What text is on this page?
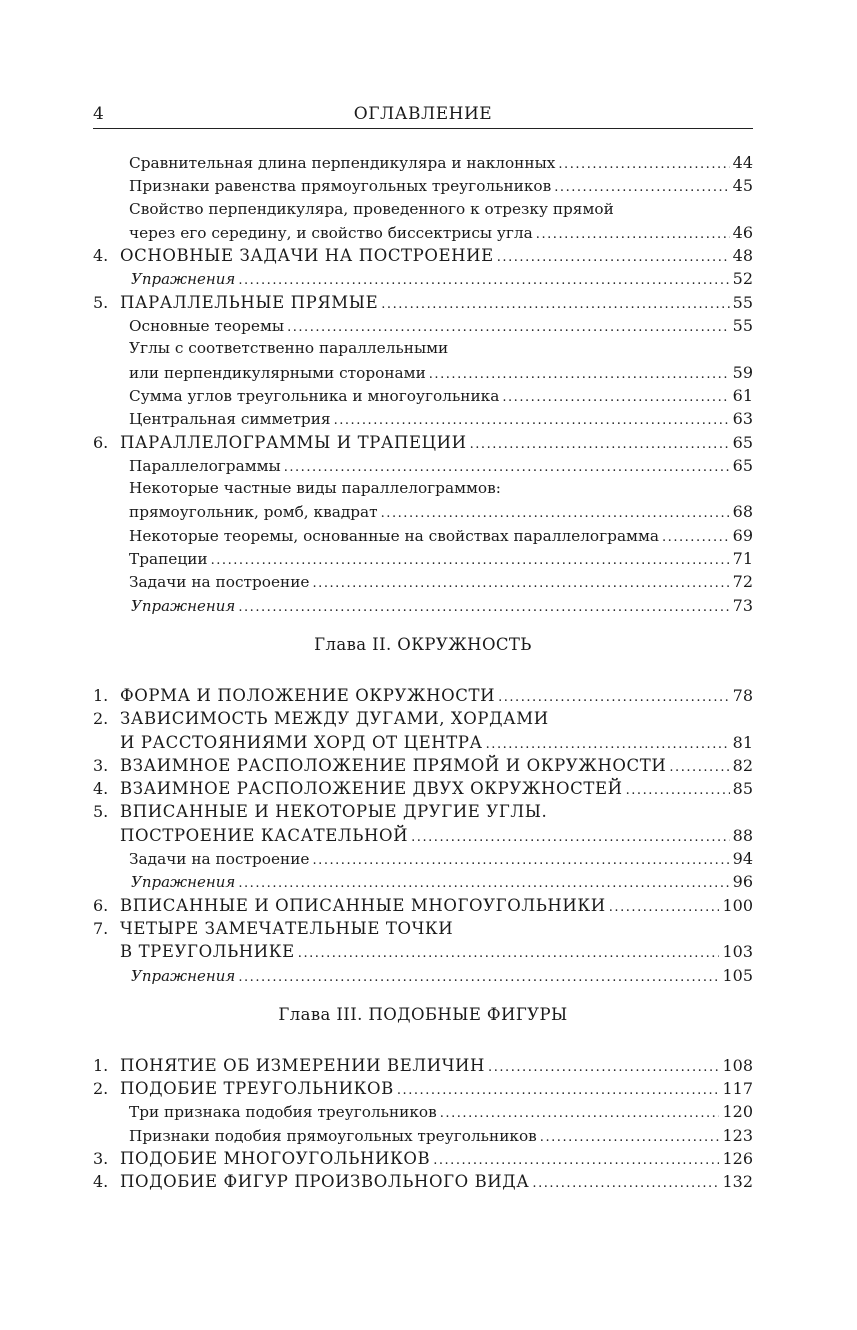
4	ОГЛАВЛЕНИЕ
Сравнительная длина перпендикуляра и наклонных . . .	44
Признаки равенства прямоугольных треугольников . . .	45
Свойство перпендикуляра, проведенного к отрезку прямой
через его середину, и свойство биссектрисы угла . . .	46
4. ОСНОВНЫЕ ЗАДАЧИ НА ПОСТРОЕНИЕ . . .	48
Упражнения . . .	52
5. ПАРАЛЛЕЛЬНЫЕ ПРЯМЫЕ . . .	55
Основные теоремы . . .	55
Углы с соответственно параллельными
или перпендикулярными сторонами . . .	59
Сумма углов треугольника и многоугольника . . .	61
Центральная симметрия . . .	63
6. ПАРАЛЛЕЛОГРАММЫ И ТРАПЕЦИИ . . .	65
Параллелограммы . . .	65
Некоторые частные виды параллелограммов:
прямоугольник, ромб, квадрат . . .	68
Некоторые теоремы, основанные на свойствах параллелограмма . . .	69
Трапеции . . .	71
Задачи на построение . . .	72
Упражнения . . .	73
Глава II. ОКРУЖНОСТЬ
1. ФОРМА И ПОЛОЖЕНИЕ ОКРУЖНОСТИ . . .	78
2. ЗАВИСИМОСТЬ МЕЖДУ ДУГАМИ, ХОРДАМИ
И РАССТОЯНИЯМИ ХОРД ОТ ЦЕНТРА . . .	81
3. ВЗАИМНОЕ РАСПОЛОЖЕНИЕ ПРЯМОЙ И ОКРУЖНОСТИ . . .	82
4. ВЗАИМНОЕ РАСПОЛОЖЕНИЕ ДВУХ ОКРУЖНОСТЕЙ . . .	85
5. ВПИСАННЫЕ И НЕКОТОРЫЕ ДРУГИЕ УГЛЫ.
ПОСТРОЕНИЕ КАСАТЕЛЬНОЙ . . .	88
Задачи на построение . . .	94
Упражнения . . .	96
6. ВПИСАННЫЕ И ОПИСАННЫЕ МНОГОУГОЛЬНИКИ . . .	100
7. ЧЕТЫРЕ ЗАМЕЧАТЕЛЬНЫЕ ТОЧКИ
В ТРЕУГОЛЬНИКЕ . . .	103
Упражнения . . .	105
Глава III. ПОДОБНЫЕ ФИГУРЫ
1. ПОНЯТИЕ ОБ ИЗМЕРЕНИИ ВЕЛИЧИН . . .	108
2. ПОДОБИЕ ТРЕУГОЛЬНИКОВ . . .	117
Три признака подобия треугольников . . .	120
Признаки подобия прямоугольных треугольников . . .	123
3. ПОДОБИЕ МНОГОУГОЛЬНИКОВ . . .	126
4. ПОДОБИЕ ФИГУР ПРОИЗВОЛЬНОГО ВИДА . . .	132
